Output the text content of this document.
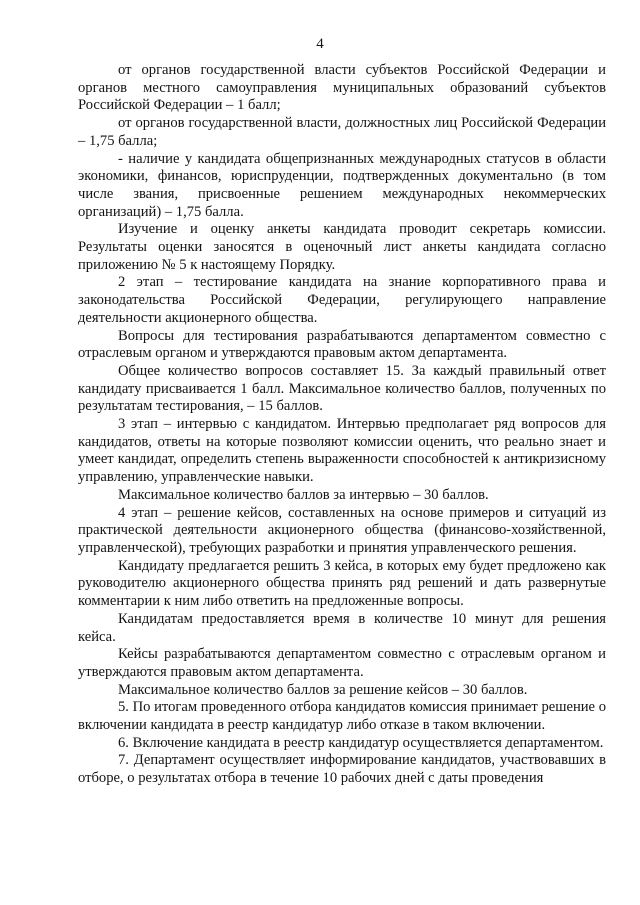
4

от органов государственной власти субъектов Российской Федерации и органов местного самоуправления муниципальных образований субъектов Российской Федерации – 1 балл;

от органов государственной власти, должностных лиц Российской Федерации – 1,75 балла;

- наличие у кандидата общепризнанных международных статусов в области экономики, финансов, юриспруденции, подтвержденных документально (в том числе звания, присвоенные решением международных некоммерческих организаций) – 1,75 балла.

Изучение и оценку анкеты кандидата проводит секретарь комиссии. Результаты оценки заносятся в оценочный лист анкеты кандидата согласно приложению № 5 к настоящему Порядку.

2 этап – тестирование кандидата на знание корпоративного права и законодательства Российской Федерации, регулирующего направление деятельности акционерного общества.

Вопросы для тестирования разрабатываются департаментом совместно с отраслевым органом и утверждаются правовым актом департамента.

Общее количество вопросов составляет 15. За каждый правильный ответ кандидату присваивается 1 балл. Максимальное количество баллов, полученных по результатам тестирования, – 15 баллов.

3 этап – интервью с кандидатом. Интервью предполагает ряд вопросов для кандидатов, ответы на которые позволяют комиссии оценить, что реально знает и умеет кандидат, определить степень выраженности способностей к антикризисному управлению, управленческие навыки.

Максимальное количество баллов за интервью – 30 баллов.

4 этап – решение кейсов, составленных на основе примеров и ситуаций из практической деятельности акционерного общества (финансово-хозяйственной, управленческой), требующих разработки и принятия управленческого решения.

Кандидату предлагается решить 3 кейса, в которых ему будет предложено как руководителю акционерного общества принять ряд решений и дать развернутые комментарии к ним либо ответить на предложенные вопросы.

Кандидатам предоставляется время в количестве 10 минут для решения кейса.

Кейсы разрабатываются департаментом совместно с отраслевым органом и утверждаются правовым актом департамента.

Максимальное количество баллов за решение кейсов – 30 баллов.

5. По итогам проведенного отбора кандидатов комиссия принимает решение о включении кандидата в реестр кандидатур либо отказе в таком включении.

6. Включение кандидата в реестр кандидатур осуществляется департаментом.

7. Департамент осуществляет информирование кандидатов, участвовавших в отборе, о результатах отбора в течение 10 рабочих дней с даты проведения
